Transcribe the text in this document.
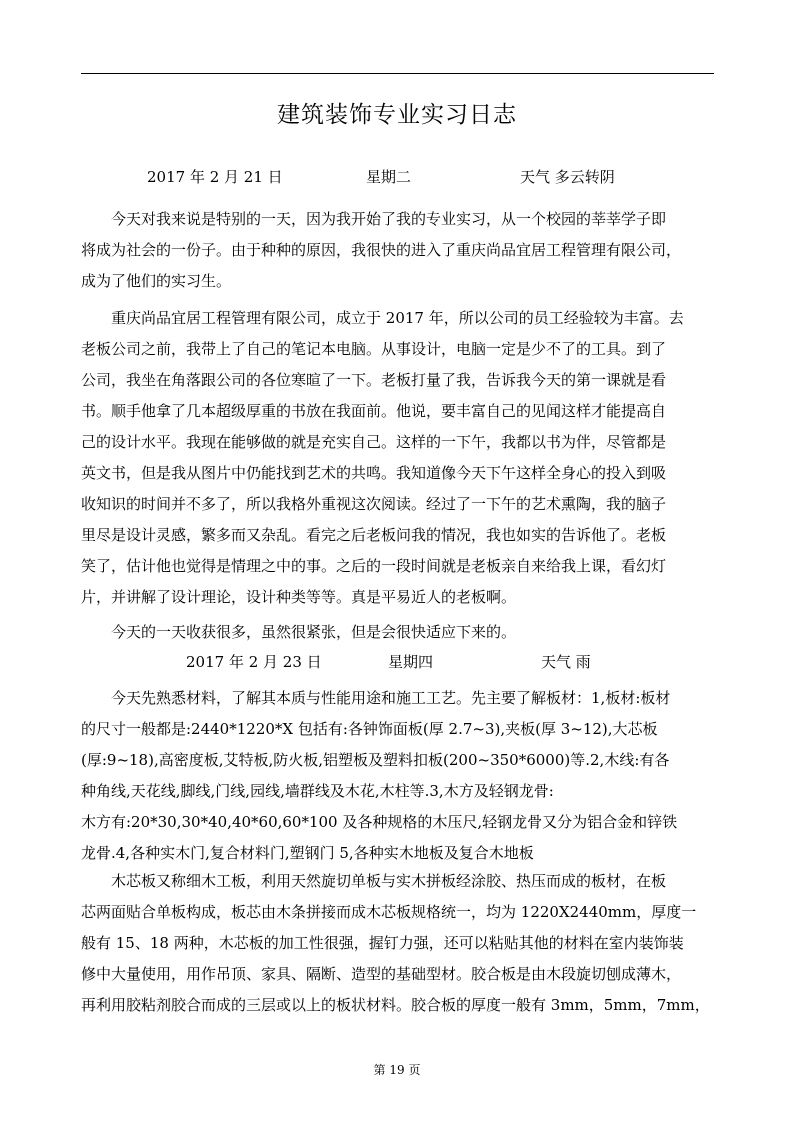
建筑装饰专业实习日志
2017 年 2 月 21 日	星期二	天气 多云转阴

　　今天对我来说是特别的一天，因为我开始了我的专业实习，从一个校园的莘莘学子即
将成为社会的一份子。由于种种的原因，我很快的进入了重庆尚品宜居工程管理有限公司，
成为了他们的实习生。

　　重庆尚品宜居工程管理有限公司，成立于 2017 年，所以公司的员工经验较为丰富。去
老板公司之前，我带上了自己的笔记本电脑。从事设计，电脑一定是少不了的工具。到了
公司，我坐在角落跟公司的各位寒暄了一下。老板打量了我，告诉我今天的第一课就是看
书。顺手他拿了几本超级厚重的书放在我面前。他说，要丰富自己的见闻这样才能提高自
己的设计水平。我现在能够做的就是充实自己。这样的一下午，我都以书为伴，尽管都是
英文书，但是我从图片中仍能找到艺术的共鸣。我知道像今天下午这样全身心的投入到吸
收知识的时间并不多了，所以我格外重视这次阅读。经过了一下午的艺术熏陶，我的脑子
里尽是设计灵感，繁多而又杂乱。看完之后老板问我的情况，我也如实的告诉他了。老板
笑了，估计他也觉得是情理之中的事。之后的一段时间就是老板亲自来给我上课，看幻灯
片，并讲解了设计理论，设计种类等等。真是平易近人的老板啊。

　　今天的一天收获很多，虽然很紧张，但是会很快适应下来的。

2017 年 2 月 23 日	星期四	天气 雨

　　今天先熟悉材料，了解其本质与性能用途和施工工艺。先主要了解板材：1,板材:板材
的尺寸一般都是:2440*1220*X 包括有:各钟饰面板(厚 2.7~3),夹板(厚 3~12),大芯板
(厚:9~18),高密度板,艾特板,防火板,铝塑板及塑料扣板(200~350*6000)等.2,木线:有各
种角线,天花线,脚线,门线,园线,墙群线及木花,木柱等.3,木方及轻钢龙骨:
木方有:20*30,30*40,40*60,60*100 及各种规格的木压尺,轻钢龙骨又分为铝合金和锌铁
龙骨.4,各种实木门,复合材料门,塑钢门 5,各种实木地板及复合木地板

　　木芯板又称细木工板，利用天然旋切单板与实木拼板经涂胶、热压而成的板材，在板
芯两面贴合单板构成，板芯由木条拼接而成木芯板规格统一，均为 1220X2440mm，厚度一
般有 15、18 两种，木芯板的加工性很强，握钉力强，还可以粘贴其他的材料在室内装饰装
修中大量使用，用作吊顶、家具、隔断、造型的基础型材。胶合板是由木段旋切刨成薄木，
再利用胶粘剂胶合而成的三层或以上的板状材料。胶合板的厚度一般有 3mm，5mm，7mm，

第 19 页
